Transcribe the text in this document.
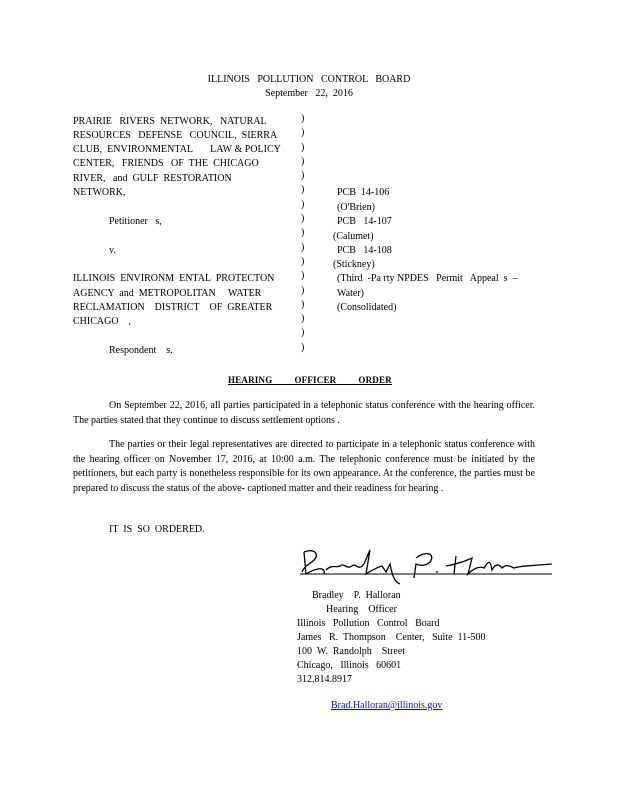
ILLINOIS   POLLUTION   CONTROL   BOARD
September   22,  2016
PRAIRIE   RIVERS  NETWORK,   NATURAL
RESOURCES   DEFENSE   COUNCIL,  SIERRA
CLUB,  ENVIRONMENTAL       LAW & POLICY
CENTER,   FRIENDS   OF  THE  CHICAGO
RIVER,   and  GULF  RESTORATION
NETWORK,
Petitioner   s,
v.
ILLINOIS  ENVIRONM  ENTAL  PROTECTON
AGENCY  and  METROPOLITAN     WATER
RECLAMATION    DISTRICT    OF  GREATER
CHICAGO    ,
Respondent    s.
)
)
)
)
)
)
)
)
)
)
)
)
)
)
)
)
)
PCB  14-106
(O'Brien)
PCB   14-107
(Calumet)
PCB   14-108
(Stickney)
(Third  -Pa rty NPDES   Permit   Appeal  s  –
Water)
(Consolidated)
HEARING         OFFICER         ORDER
On September 22, 2016, all parties participated in a telephonic status conference with the hearing officer. The parties stated that they continue to discuss settlement options .
The parties or their legal representatives are directed to participate in a telephonic status conference with the hearing officer on November 17, 2016, at 10:00 a.m. The telephonic conference must be initiated by the petitioners, but each party is nonetheless responsible for its own appearance. At the conference, the parties must be prepared to discuss the status of the above- captioned matter and their readiness for hearing .
IT  IS  SO  ORDERED.
Bradley    P.  Halloran
Hearing    Officer
Illinois   Pollution   Control   Board
James   R.  Thompson    Center,   Suite  11-500
100  W.  Randolph    Street
Chicago,   Illinois   60601
312.814.8917

Brad.Halloran@illinois.gov
